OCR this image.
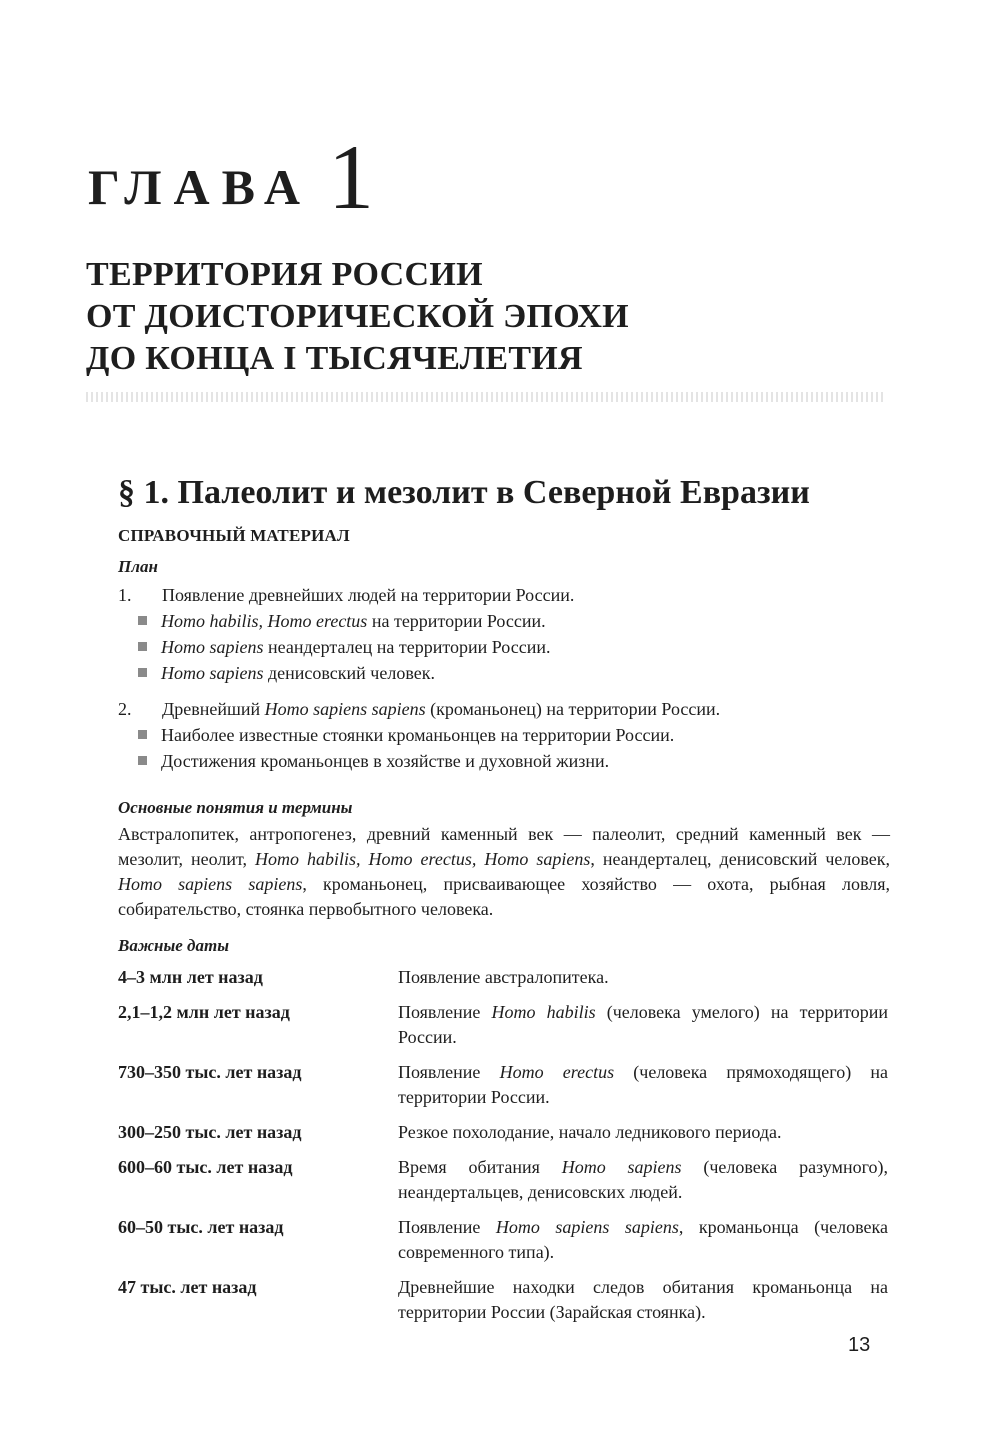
ГЛАВА 1
ТЕРРИТОРИЯ РОССИИ
ОТ ДОИСТОРИЧЕСКОЙ ЭПОХИ
ДО КОНЦА I ТЫСЯЧЕЛЕТИЯ
§ 1. Палеолит и мезолит в Северной Евразии
СПРАВОЧНЫЙ МАТЕРИАЛ
План
1.	Появление древнейших людей на территории России.
Homo habilis, Homo erectus на территории России.
Homo sapiens неандерталец на территории России.
Homo sapiens денисовский человек.
2.	Древнейший Homo sapiens sapiens (кроманьонец) на территории России.
Наиболее известные стоянки кроманьонцев на территории России.
Достижения кроманьонцев в хозяйстве и духовной жизни.
Основные понятия и термины
Австралопитек, антропогенез, древний каменный век — палеолит, средний каменный век — мезолит, неолит, Homo habilis, Homo erectus, Homo sapiens, неандерталец, денисовский человек, Homo sapiens sapiens, кроманьонец, присваивающее хозяйство — охота, рыбная ловля, собирательство, стоянка первобытного человека.
Важные даты
4–3 млн лет назад	Появление австралопитека.
2,1–1,2 млн лет назад	Появление Homo habilis (человека умелого) на территории России.
730–350 тыс. лет назад	Появление Homo erectus (человека прямоходящего) на территории России.
300–250 тыс. лет назад	Резкое похолодание, начало ледникового периода.
600–60 тыс. лет назад	Время обитания Homo sapiens (человека разумного), неандертальцев, денисовских людей.
60–50 тыс. лет назад	Появление Homo sapiens sapiens, кроманьонца (человека современного типа).
47 тыс. лет назад	Древнейшие находки следов обитания кроманьонца на территории России (Зарайская стоянка).
13
